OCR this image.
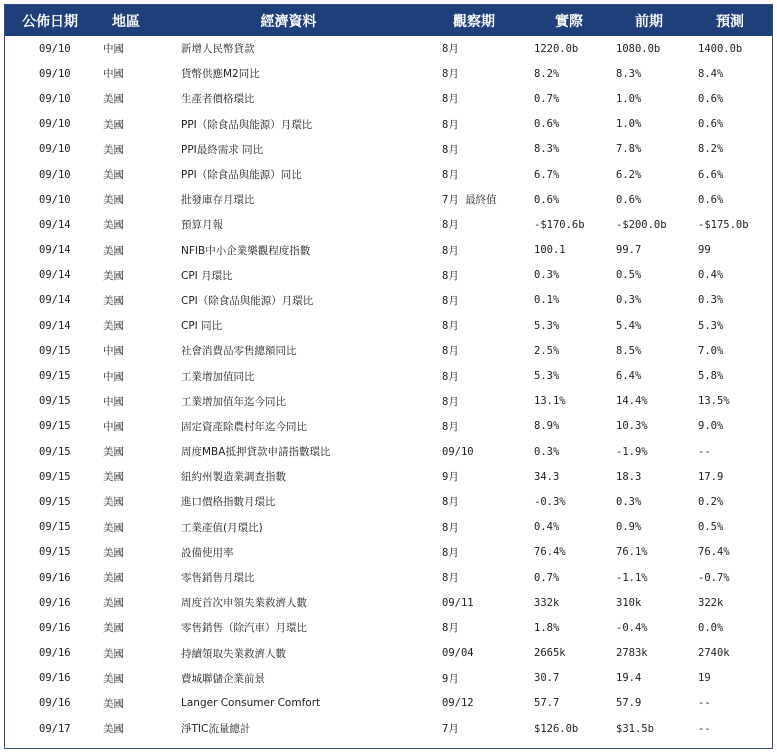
公佈日期	地區	經濟資料	觀察期	實際	前期	預測
09/10	中國	新增人民幣貸款	8月	1220.0b	1080.0b	1400.0b
09/10	中國	貨幣供應M2同比	8月	8.2%	8.3%	8.4%
09/10	美國	生產者價格環比	8月	0.7%	1.0%	0.6%
09/10	美國	PPI（除食品與能源）月環比	8月	0.6%	1.0%	0.6%
09/10	美國	PPI最終需求 同比	8月	8.3%	7.8%	8.2%
09/10	美國	PPI（除食品與能源）同比	8月	6.7%	6.2%	6.6%
09/10	美國	批發庫存月環比	7月 最終值	0.6%	0.6%	0.6%
09/14	美國	預算月報	8月	-$170.6b	-$200.0b	-$175.0b
09/14	美國	NFIB中小企業樂觀程度指數	8月	100.1	99.7	99
09/14	美國	CPI 月環比	8月	0.3%	0.5%	0.4%
09/14	美國	CPI（除食品與能源）月環比	8月	0.1%	0.3%	0.3%
09/14	美國	CPI 同比	8月	5.3%	5.4%	5.3%
09/15	中國	社會消費品零售總額同比	8月	2.5%	8.5%	7.0%
09/15	中國	工業增加值同比	8月	5.3%	6.4%	5.8%
09/15	中國	工業增加值年迄今同比	8月	13.1%	14.4%	13.5%
09/15	中國	固定資產除農村年迄今同比	8月	8.9%	10.3%	9.0%
09/15	美國	周度MBA抵押貸款申請指數環比	09/10	0.3%	-1.9%	--
09/15	美國	紐約州製造業調查指數	9月	34.3	18.3	17.9
09/15	美國	進口價格指數月環比	8月	-0.3%	0.3%	0.2%
09/15	美國	工業產值(月環比)	8月	0.4%	0.9%	0.5%
09/15	美國	設備使用率	8月	76.4%	76.1%	76.4%
09/16	美國	零售銷售月環比	8月	0.7%	-1.1%	-0.7%
09/16	美國	周度首次申領失業救濟人數	09/11	332k	310k	322k
09/16	美國	零售銷售（除汽車）月環比	8月	1.8%	-0.4%	0.0%
09/16	美國	持續領取失業救濟人數	09/04	2665k	2783k	2740k
09/16	美國	費城聯儲企業前景	9月	30.7	19.4	19
09/16	美國	Langer Consumer Comfort	09/12	57.7	57.9	--
09/17	美國	淨TIC流量總計	7月	$126.0b	$31.5b	--
